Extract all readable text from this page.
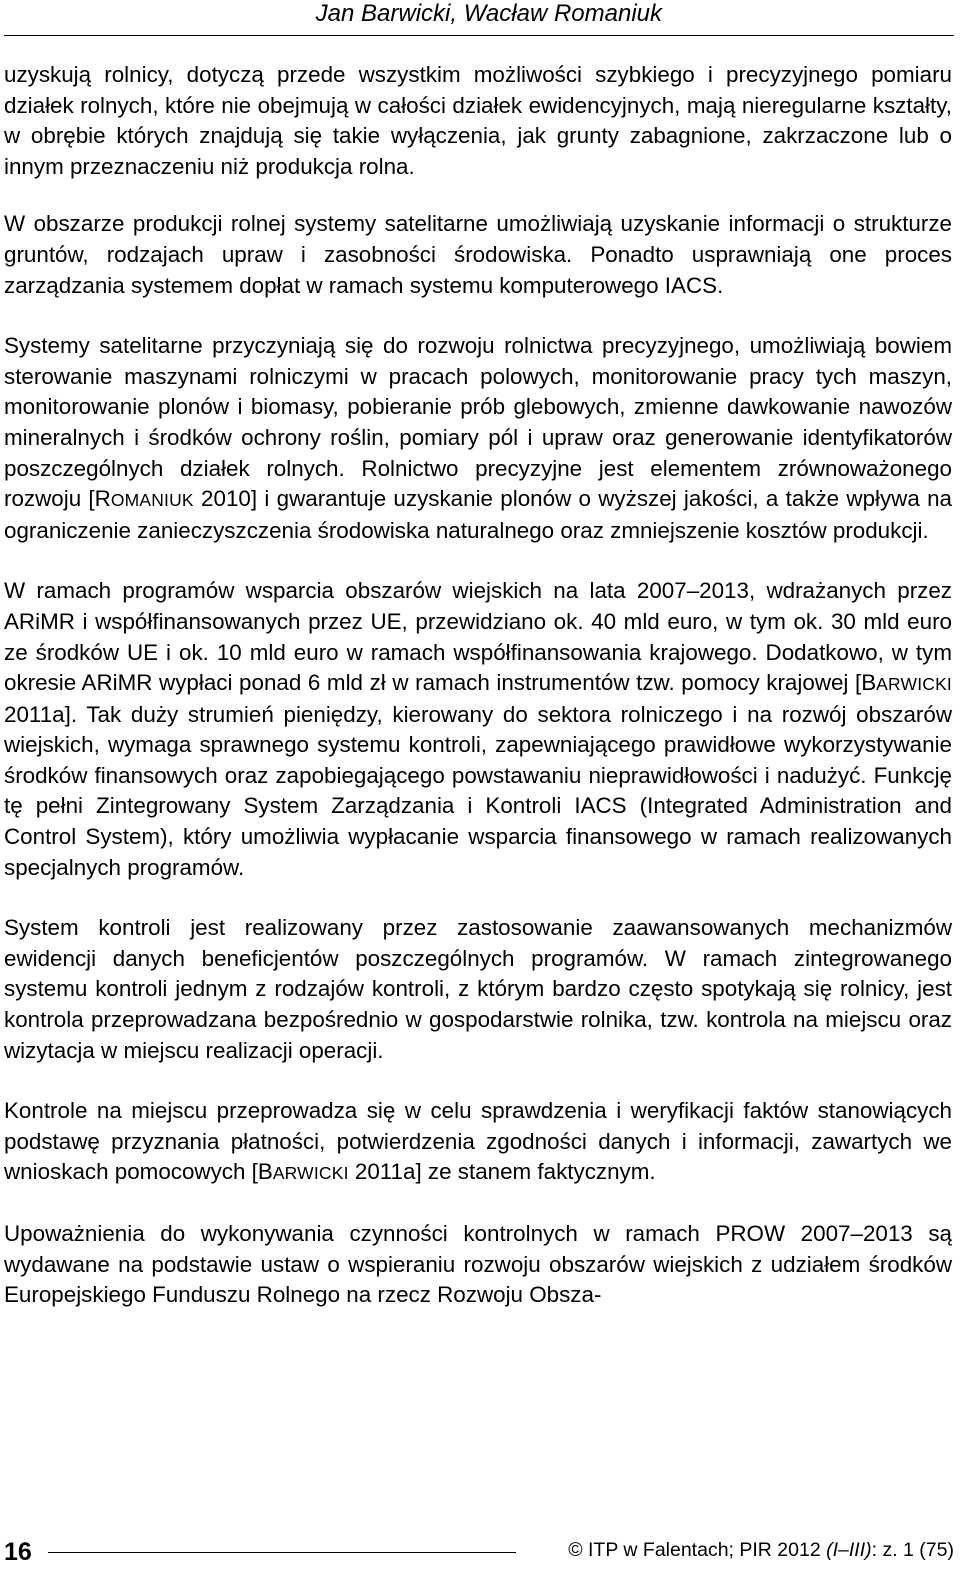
Jan Barwicki, Wacław Romaniuk

uzyskują rolnicy, dotyczą przede wszystkim możliwości szybkiego i precyzyjnego pomiaru działek rolnych, które nie obejmują w całości działek ewidencyjnych, mają nieregularne kształty, w obrębie których znajdują się takie wyłączenia, jak grunty zabagnione, zakrzaczone lub o innym przeznaczeniu niż produkcja rolna.

W obszarze produkcji rolnej systemy satelitarne umożliwiają uzyskanie informacji o strukturze gruntów, rodzajach upraw i zasobności środowiska. Ponadto usprawniają one proces zarządzania systemem dopłat w ramach systemu komputerowego IACS.

Systemy satelitarne przyczyniają się do rozwoju rolnictwa precyzyjnego, umożliwiają bowiem sterowanie maszynami rolniczymi w pracach polowych, monitorowanie pracy tych maszyn, monitorowanie plonów i biomasy, pobieranie prób glebowych, zmienne dawkowanie nawozów mineralnych i środków ochrony roślin, pomiary pól i upraw oraz generowanie identyfikatorów poszczególnych działek rolnych. Rolnictwo precyzyjne jest elementem zrównoważonego rozwoju [ROMANIUK 2010] i gwarantuje uzyskanie plonów o wyższej jakości, a także wpływa na ograniczenie zanieczyszczenia środowiska naturalnego oraz zmniejszenie kosztów produkcji.

W ramach programów wsparcia obszarów wiejskich na lata 2007–2013, wdrażanych przez ARiMR i współfinansowanych przez UE, przewidziano ok. 40 mld euro, w tym ok. 30 mld euro ze środków UE i ok. 10 mld euro w ramach współfinansowania krajowego. Dodatkowo, w tym okresie ARiMR wypłaci ponad 6 mld zł w ramach instrumentów tzw. pomocy krajowej [BARWICKI 2011a]. Tak duży strumień pieniędzy, kierowany do sektora rolniczego i na rozwój obszarów wiejskich, wymaga sprawnego systemu kontroli, zapewniającego prawidłowe wykorzystywanie środków finansowych oraz zapobiegającego powstawaniu nieprawidłowości i nadużyć. Funkcję tę pełni Zintegrowany System Zarządzania i Kontroli IACS (Integrated Administration and Control System), który umożliwia wypłacanie wsparcia finansowego w ramach realizowanych specjalnych programów.

System kontroli jest realizowany przez zastosowanie zaawansowanych mechanizmów ewidencji danych beneficjentów poszczególnych programów. W ramach zintegrowanego systemu kontroli jednym z rodzajów kontroli, z którym bardzo często spotykają się rolnicy, jest kontrola przeprowadzana bezpośrednio w gospodarstwie rolnika, tzw. kontrola na miejscu oraz wizytacja w miejscu realizacji operacji.

Kontrole na miejscu przeprowadza się w celu sprawdzenia i weryfikacji faktów stanowiących podstawę przyznania płatności, potwierdzenia zgodności danych i informacji, zawartych we wnioskach pomocowych [BARWICKI 2011a] ze stanem faktycznym.

Upoważnienia do wykonywania czynności kontrolnych w ramach PROW 2007–2013 są wydawane na podstawie ustaw o wspieraniu rozwoju obszarów wiejskich z udziałem środków Europejskiego Funduszu Rolnego na rzecz Rozwoju Obsza-

16	© ITP w Falentach; PIR 2012 (I–III): z. 1 (75)
